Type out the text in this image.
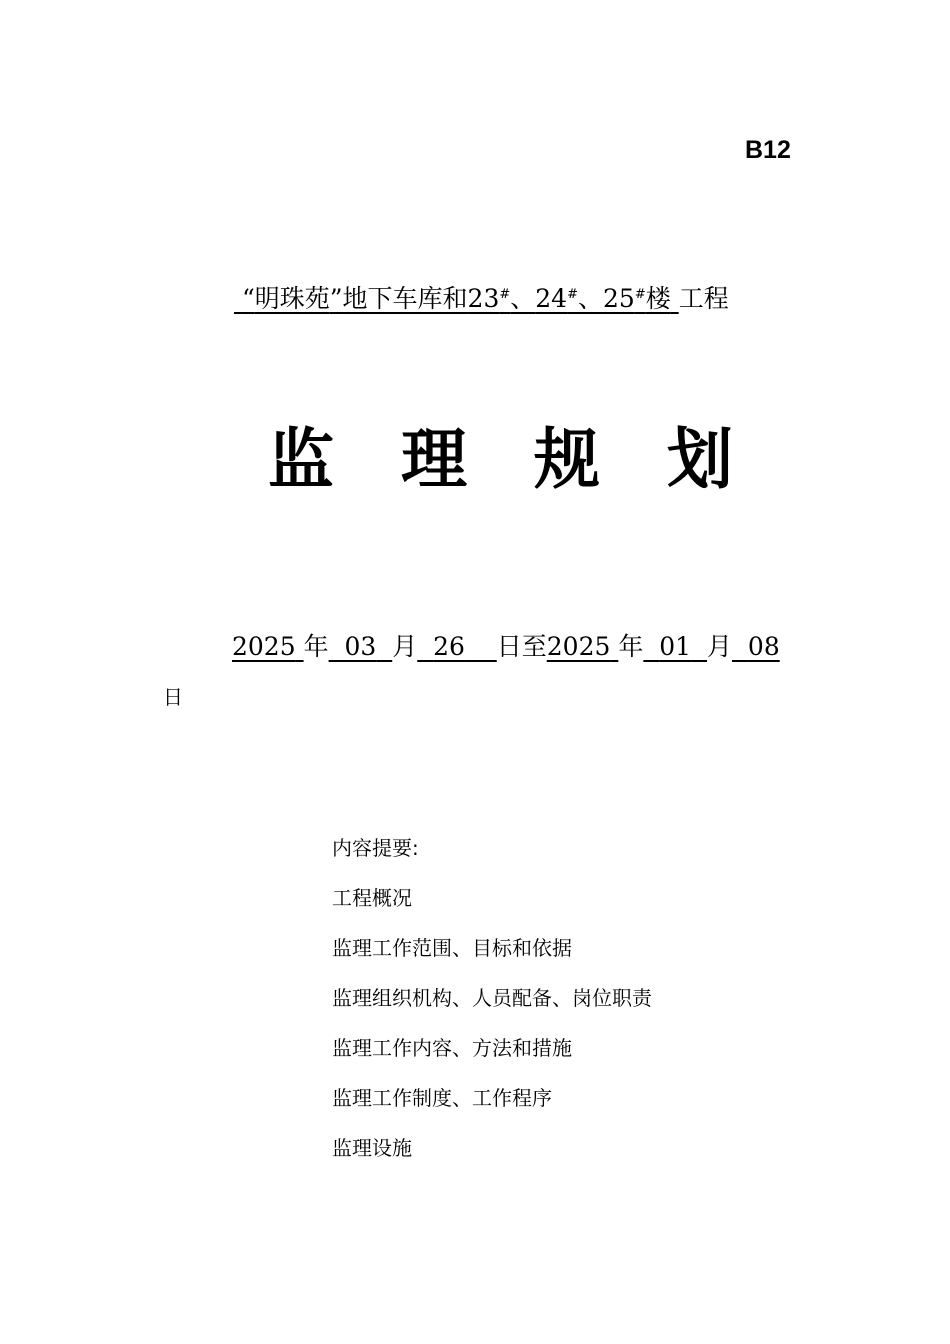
B12
“明珠苑”地下车库和23#、24#、25#楼 工程
监 理 规 划
2025 年 03 月 26 日至2025 年 01 月 08
日
内容提要:
工程概况
监理工作范围、目标和依据
监理组织机构、人员配备、岗位职责
监理工作内容、方法和措施
监理工作制度、工作程序
监理设施
